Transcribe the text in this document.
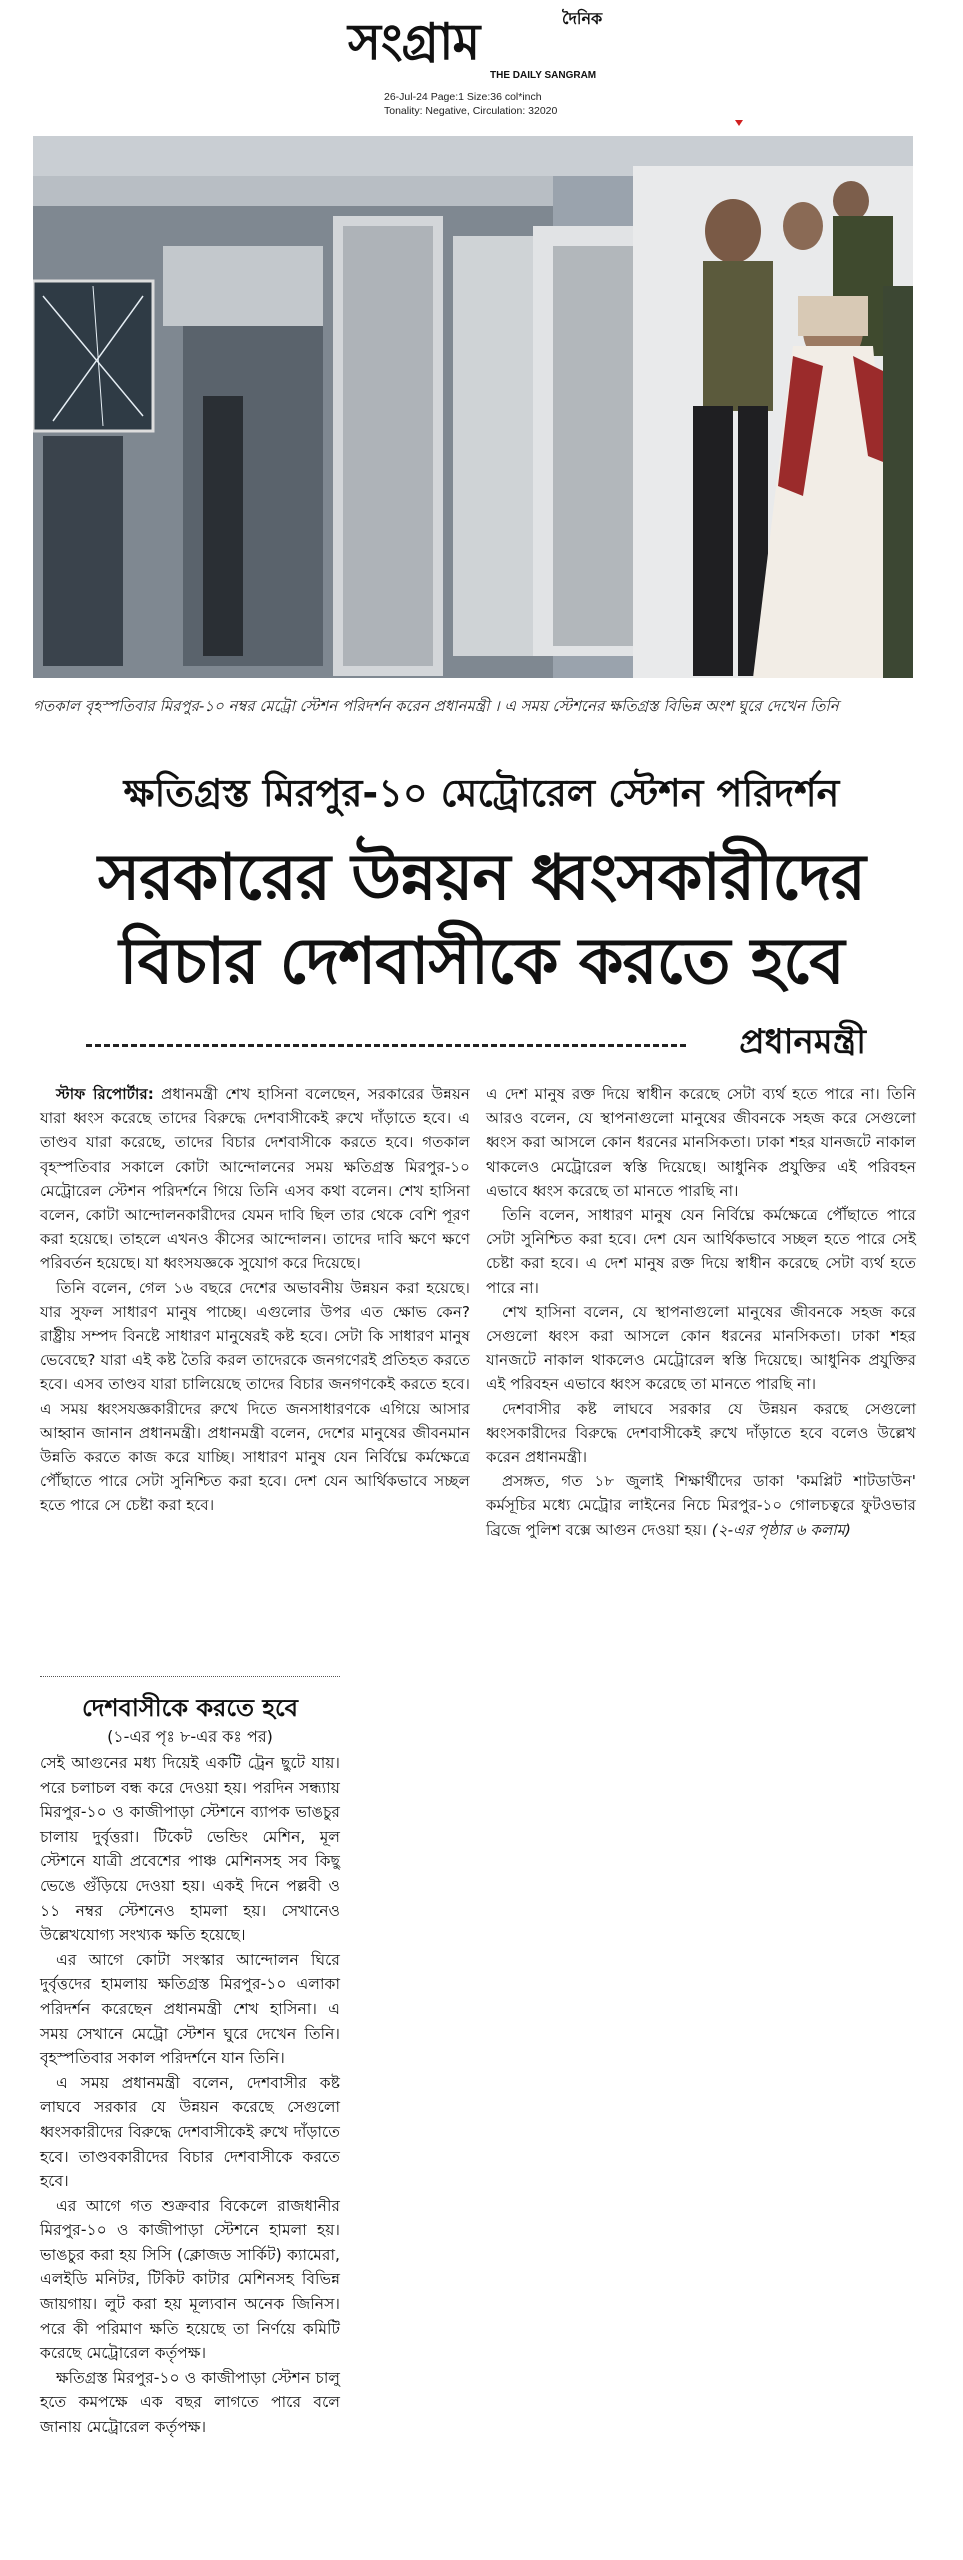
দৈনিক
সংগ্রাম
THE DAILY SANGRAM
26-Jul-24 Page:1 Size:36 col*inch
Tonality: Negative, Circulation: 32020
গতকাল বৃহস্পতিবার মিরপুর-১০ নম্বর মেট্রো স্টেশন পরিদর্শন করেন প্রধানমন্ত্রী । এ সময় স্টেশনের ক্ষতিগ্রস্ত বিভিন্ন অংশ ঘুরে দেখেন তিনি
ক্ষতিগ্রস্ত মিরপুর-১০ মেট্রোরেল স্টেশন পরিদর্শন
সরকারের উন্নয়ন ধ্বংসকারীদের
বিচার দেশবাসীকে করতে হবে
প্রধানমন্ত্রী

স্টাফ রিপোর্টার: প্রধানমন্ত্রী শেখ হাসিনা বলেছেন, সরকারের উন্নয়ন যারা ধ্বংস করেছে তাদের বিরুদ্ধে দেশবাসীকেই রুখে দাঁড়াতে হবে। এ তাণ্ডব যারা করেছে, তাদের বিচার দেশবাসীকে করতে হবে। গতকাল বৃহস্পতিবার সকালে কোটা আন্দোলনের সময় ক্ষতিগ্রস্ত মিরপুর-১০ মেট্রোরেল স্টেশন পরিদর্শনে গিয়ে তিনি এসব কথা বলেন। শেখ হাসিনা বলেন, কোটা আন্দোলনকারীদের যেমন দাবি ছিল তার থেকে বেশি পূরণ করা হয়েছে। তাহলে এখনও কীসের আন্দোলন। তাদের দাবি ক্ষণে ক্ষণে পরিবর্তন হয়েছে। যা ধ্বংসযজ্ঞকে সুযোগ করে দিয়েছে।

তিনি বলেন, গেল ১৬ বছরে দেশের অভাবনীয় উন্নয়ন করা হয়েছে। যার সুফল সাধারণ মানুষ পাচ্ছে। এগুলোর উপর এত ক্ষোভ কেন? রাষ্ট্রীয় সম্পদ বিনষ্টে সাধারণ মানুষেরই কষ্ট হবে। সেটা কি সাধারণ মানুষ ভেবেছে? যারা এই কষ্ট তৈরি করল তাদেরকে জনগণেরই প্রতিহত করতে হবে। এসব তাণ্ডব যারা চালিয়েছে তাদের বিচার জনগণকেই করতে হবে। এ সময় ধ্বংসযজ্ঞকারীদের রুখে দিতে জনসাধারণকে এগিয়ে আসার আহ্বান জানান প্রধানমন্ত্রী। প্রধানমন্ত্রী বলেন, দেশের মানুষের জীবনমান উন্নতি করতে কাজ করে যাচ্ছি। সাধারণ মানুষ যেন নির্বিঘ্নে কর্মক্ষেত্রে পৌঁছাতে পারে সেটা সুনিশ্চিত করা হবে। দেশ যেন আর্থিকভাবে সচ্ছল হতে পারে সে চেষ্টা করা হবে।

এ দেশ মানুষ রক্ত দিয়ে স্বাধীন করেছে সেটা ব্যর্থ হতে পারে না। তিনি আরও বলেন, যে স্থাপনাগুলো মানুষের জীবনকে সহজ করে সেগুলো ধ্বংস করা আসলে কোন ধরনের মানসিকতা। ঢাকা শহর যানজটে নাকাল থাকলেও মেট্রোরেল স্বস্তি দিয়েছে। আধুনিক প্রযুক্তির এই পরিবহন এভাবে ধ্বংস করেছে তা মানতে পারছি না।

তিনি বলেন, সাধারণ মানুষ যেন নির্বিঘ্নে কর্মক্ষেত্রে পৌঁছাতে পারে সেটা সুনিশ্চিত করা হবে। দেশ যেন আর্থিকভাবে সচ্ছল হতে পারে সেই চেষ্টা করা হবে। এ দেশ মানুষ রক্ত দিয়ে স্বাধীন করেছে সেটা ব্যর্থ হতে পারে না।

শেখ হাসিনা বলেন, যে স্থাপনাগুলো মানুষের জীবনকে সহজ করে সেগুলো ধ্বংস করা আসলে কোন ধরনের মানসিকতা। ঢাকা শহর যানজটে নাকাল থাকলেও মেট্রোরেল স্বস্তি দিয়েছে। আধুনিক প্রযুক্তির এই পরিবহন এভাবে ধ্বংস করেছে তা মানতে পারছি না।

দেশবাসীর কষ্ট লাঘবে সরকার যে উন্নয়ন করছে সেগুলো ধ্বংসকারীদের বিরুদ্ধে দেশবাসীকেই রুখে দাঁড়াতে হবে বলেও উল্লেখ করেন প্রধানমন্ত্রী।

প্রসঙ্গত, গত ১৮ জুলাই শিক্ষার্থীদের ডাকা 'কমপ্লিট শাটডাউন' কর্মসূচির মধ্যে মেট্রোর লাইনের নিচে মিরপুর-১০ গোলচত্বরে ফুটওভার ব্রিজে পুলিশ বক্সে আগুন দেওয়া হয়। (২-এর পৃষ্ঠার ৬ কলাম)

দেশবাসীকে করতে হবে
(১-এর পৃঃ ৮-এর কঃ পর)

সেই আগুনের মধ্য দিয়েই একটি ট্রেন ছুটে যায়। পরে চলাচল বন্ধ করে দেওয়া হয়। পরদিন সন্ধ্যায় মিরপুর-১০ ও কাজীপাড়া স্টেশনে ব্যাপক ভাঙচুর চালায় দুর্বৃত্তরা। টিকেট ভেন্ডিং মেশিন, মূল স্টেশনে যাত্রী প্রবেশের পাঞ্চ মেশিনসহ সব কিছু ভেঙে গুঁড়িয়ে দেওয়া হয়। একই দিনে পল্লবী ও ১১ নম্বর স্টেশনেও হামলা হয়। সেখানেও উল্লেখযোগ্য সংখ্যক ক্ষতি হয়েছে।

এর আগে কোটা সংস্কার আন্দোলন ঘিরে দুর্বৃত্তদের হামলায় ক্ষতিগ্রস্ত মিরপুর-১০ এলাকা পরিদর্শন করেছেন প্রধানমন্ত্রী শেখ হাসিনা। এ সময় সেখানে মেট্রো স্টেশন ঘুরে দেখেন তিনি। বৃহস্পতিবার সকাল পরিদর্শনে যান তিনি।

এ সময় প্রধানমন্ত্রী বলেন, দেশবাসীর কষ্ট লাঘবে সরকার যে উন্নয়ন করেছে সেগুলো ধ্বংসকারীদের বিরুদ্ধে দেশবাসীকেই রুখে দাঁড়াতে হবে। তাণ্ডবকারীদের বিচার দেশবাসীকে করতে হবে।

এর আগে গত শুক্রবার বিকেলে রাজধানীর মিরপুর-১০ ও কাজীপাড়া স্টেশনে হামলা হয়। ভাঙচুর করা হয় সিসি (ক্লোজড সার্কিট) ক্যামেরা, এলইডি মনিটর, টিকিট কাটার মেশিনসহ বিভিন্ন জায়গায়। লুট করা হয় মূল্যবান অনেক জিনিস। পরে কী পরিমাণ ক্ষতি হয়েছে তা নির্ণয়ে কমিটি করেছে মেট্রোরেল কর্তৃপক্ষ।

ক্ষতিগ্রস্ত মিরপুর-১০ ও কাজীপাড়া স্টেশন চালু হতে কমপক্ষে এক বছর লাগতে পারে বলে জানায় মেট্রোরেল কর্তৃপক্ষ।
